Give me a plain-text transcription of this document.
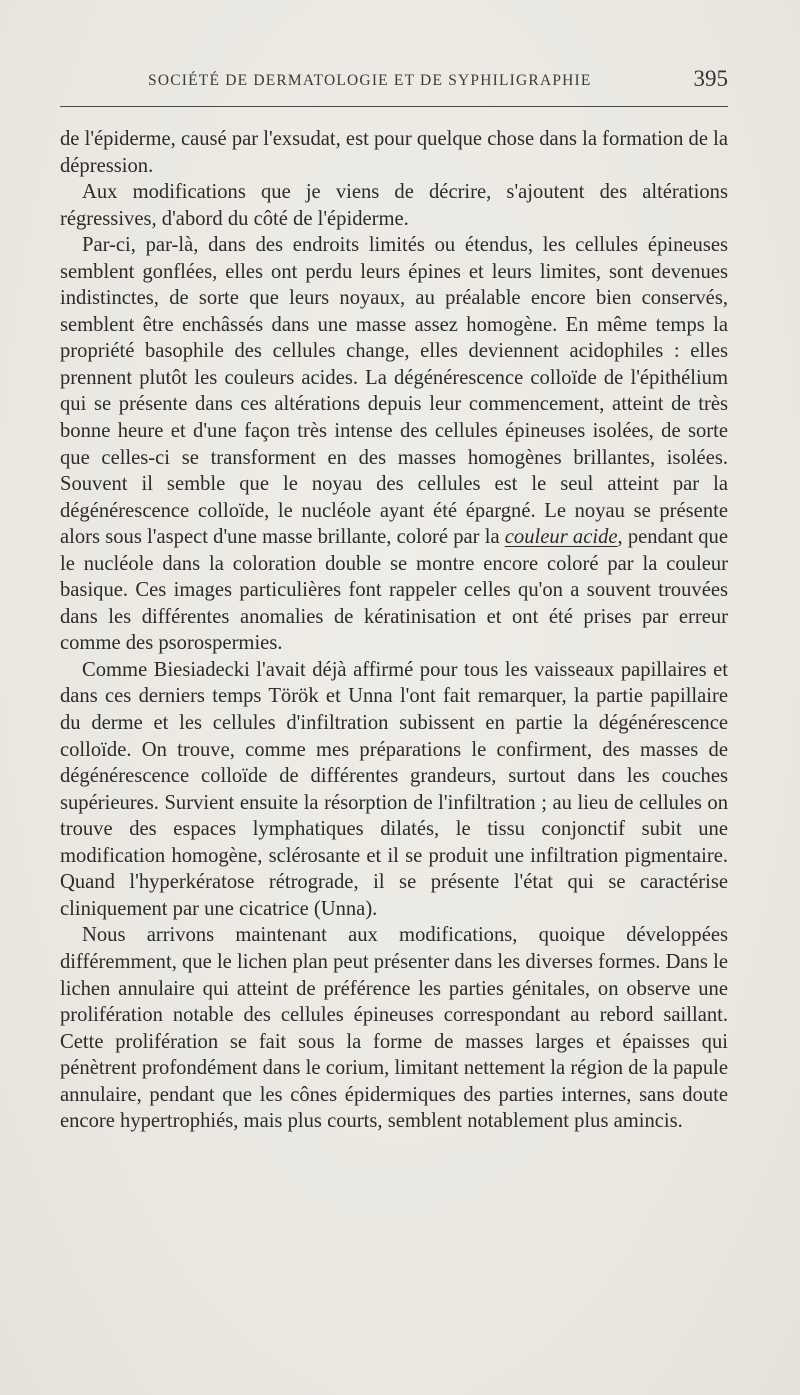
SOCIÉTÉ DE DERMATOLOGIE ET DE SYPHILIGRAPHIE	395

de l'épiderme, causé par l'exsudat, est pour quelque chose dans la formation de la dépression.

Aux modifications que je viens de décrire, s'ajoutent des altérations régressives, d'abord du côté de l'épiderme.

Par-ci, par-là, dans des endroits limités ou étendus, les cellules épineuses semblent gonflées, elles ont perdu leurs épines et leurs limites, sont devenues indistinctes, de sorte que leurs noyaux, au préalable encore bien conservés, semblent être enchâssés dans une masse assez homogène. En même temps la propriété basophile des cellules change, elles deviennent acidophiles : elles prennent plutôt les couleurs acides. La dégénérescence colloïde de l'épithélium qui se présente dans ces altérations depuis leur commencement, atteint de très bonne heure et d'une façon très intense des cellules épineuses isolées, de sorte que celles-ci se transforment en des masses homogènes brillantes, isolées. Souvent il semble que le noyau des cellules est le seul atteint par la dégénérescence colloïde, le nucléole ayant été épargné. Le noyau se présente alors sous l'aspect d'une masse brillante, coloré par la couleur acide, pendant que le nucléole dans la coloration double se montre encore coloré par la couleur basique. Ces images particulières font rappeler celles qu'on a souvent trouvées dans les différentes anomalies de kératinisation et ont été prises par erreur comme des psorospermies.

Comme Biesiadecki l'avait déjà affirmé pour tous les vaisseaux papillaires et dans ces derniers temps Török et Unna l'ont fait remarquer, la partie papillaire du derme et les cellules d'infiltration subissent en partie la dégénérescence colloïde. On trouve, comme mes préparations le confirment, des masses de dégénérescence colloïde de différentes grandeurs, surtout dans les couches supérieures. Survient ensuite la résorption de l'infiltration ; au lieu de cellules on trouve des espaces lymphatiques dilatés, le tissu conjonctif subit une modification homogène, sclérosante et il se produit une infiltration pigmentaire. Quand l'hyperkératose rétrograde, il se présente l'état qui se caractérise cliniquement par une cicatrice (Unna).

Nous arrivons maintenant aux modifications, quoique développées différemment, que le lichen plan peut présenter dans les diverses formes. Dans le lichen annulaire qui atteint de préférence les parties génitales, on observe une prolifération notable des cellules épineuses correspondant au rebord saillant. Cette prolifération se fait sous la forme de masses larges et épaisses qui pénètrent profondément dans le corium, limitant nettement la région de la papule annulaire, pendant que les cônes épidermiques des parties internes, sans doute encore hypertrophiés, mais plus courts, semblent notablement plus amincis.
